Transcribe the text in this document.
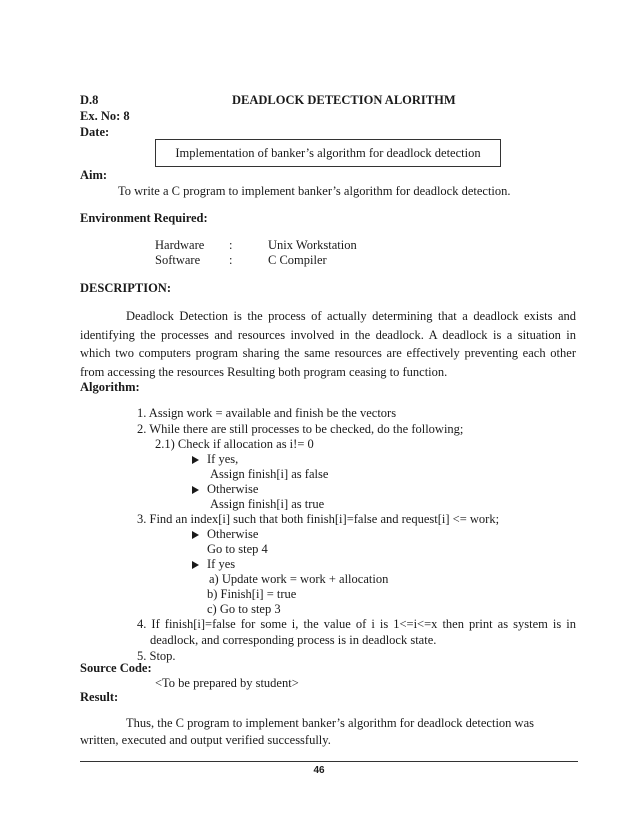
D.8	DEADLOCK DETECTION ALORITHM
Ex. No: 8
Date:
Implementation of banker’s algorithm for deadlock detection
Aim:
To write a C program to implement banker’s algorithm for deadlock detection.
Environment Required:
Hardware :	Unix Workstation
Software :	C Compiler
DESCRIPTION:
Deadlock Detection is the process of actually determining that a deadlock exists and identifying the processes and resources involved in the deadlock. A deadlock is a situation in which two computers program sharing the same resources are effectively preventing each other from accessing the resources Resulting both program ceasing to function.
Algorithm:
1. Assign work = available and finish be the vectors
2. While there are still processes to be checked, do the following;
2.1) Check if allocation as i!= 0
If yes,
Assign finish[i] as false
Otherwise
Assign finish[i] as true
3. Find an index[i] such that both finish[i]=false and request[i] <= work;
Otherwise
Go to step 4
If yes
a) Update work = work + allocation
b) Finish[i] = true
c) Go to step 3
4. If finish[i]=false for some i, the value of i is 1<=i<=x then print as system is in deadlock, and corresponding process is in deadlock state.
5. Stop.
Source Code:
<To be prepared by student>
Result:
Thus, the C program to implement banker’s algorithm for deadlock detection was written, executed and output verified successfully.
46
